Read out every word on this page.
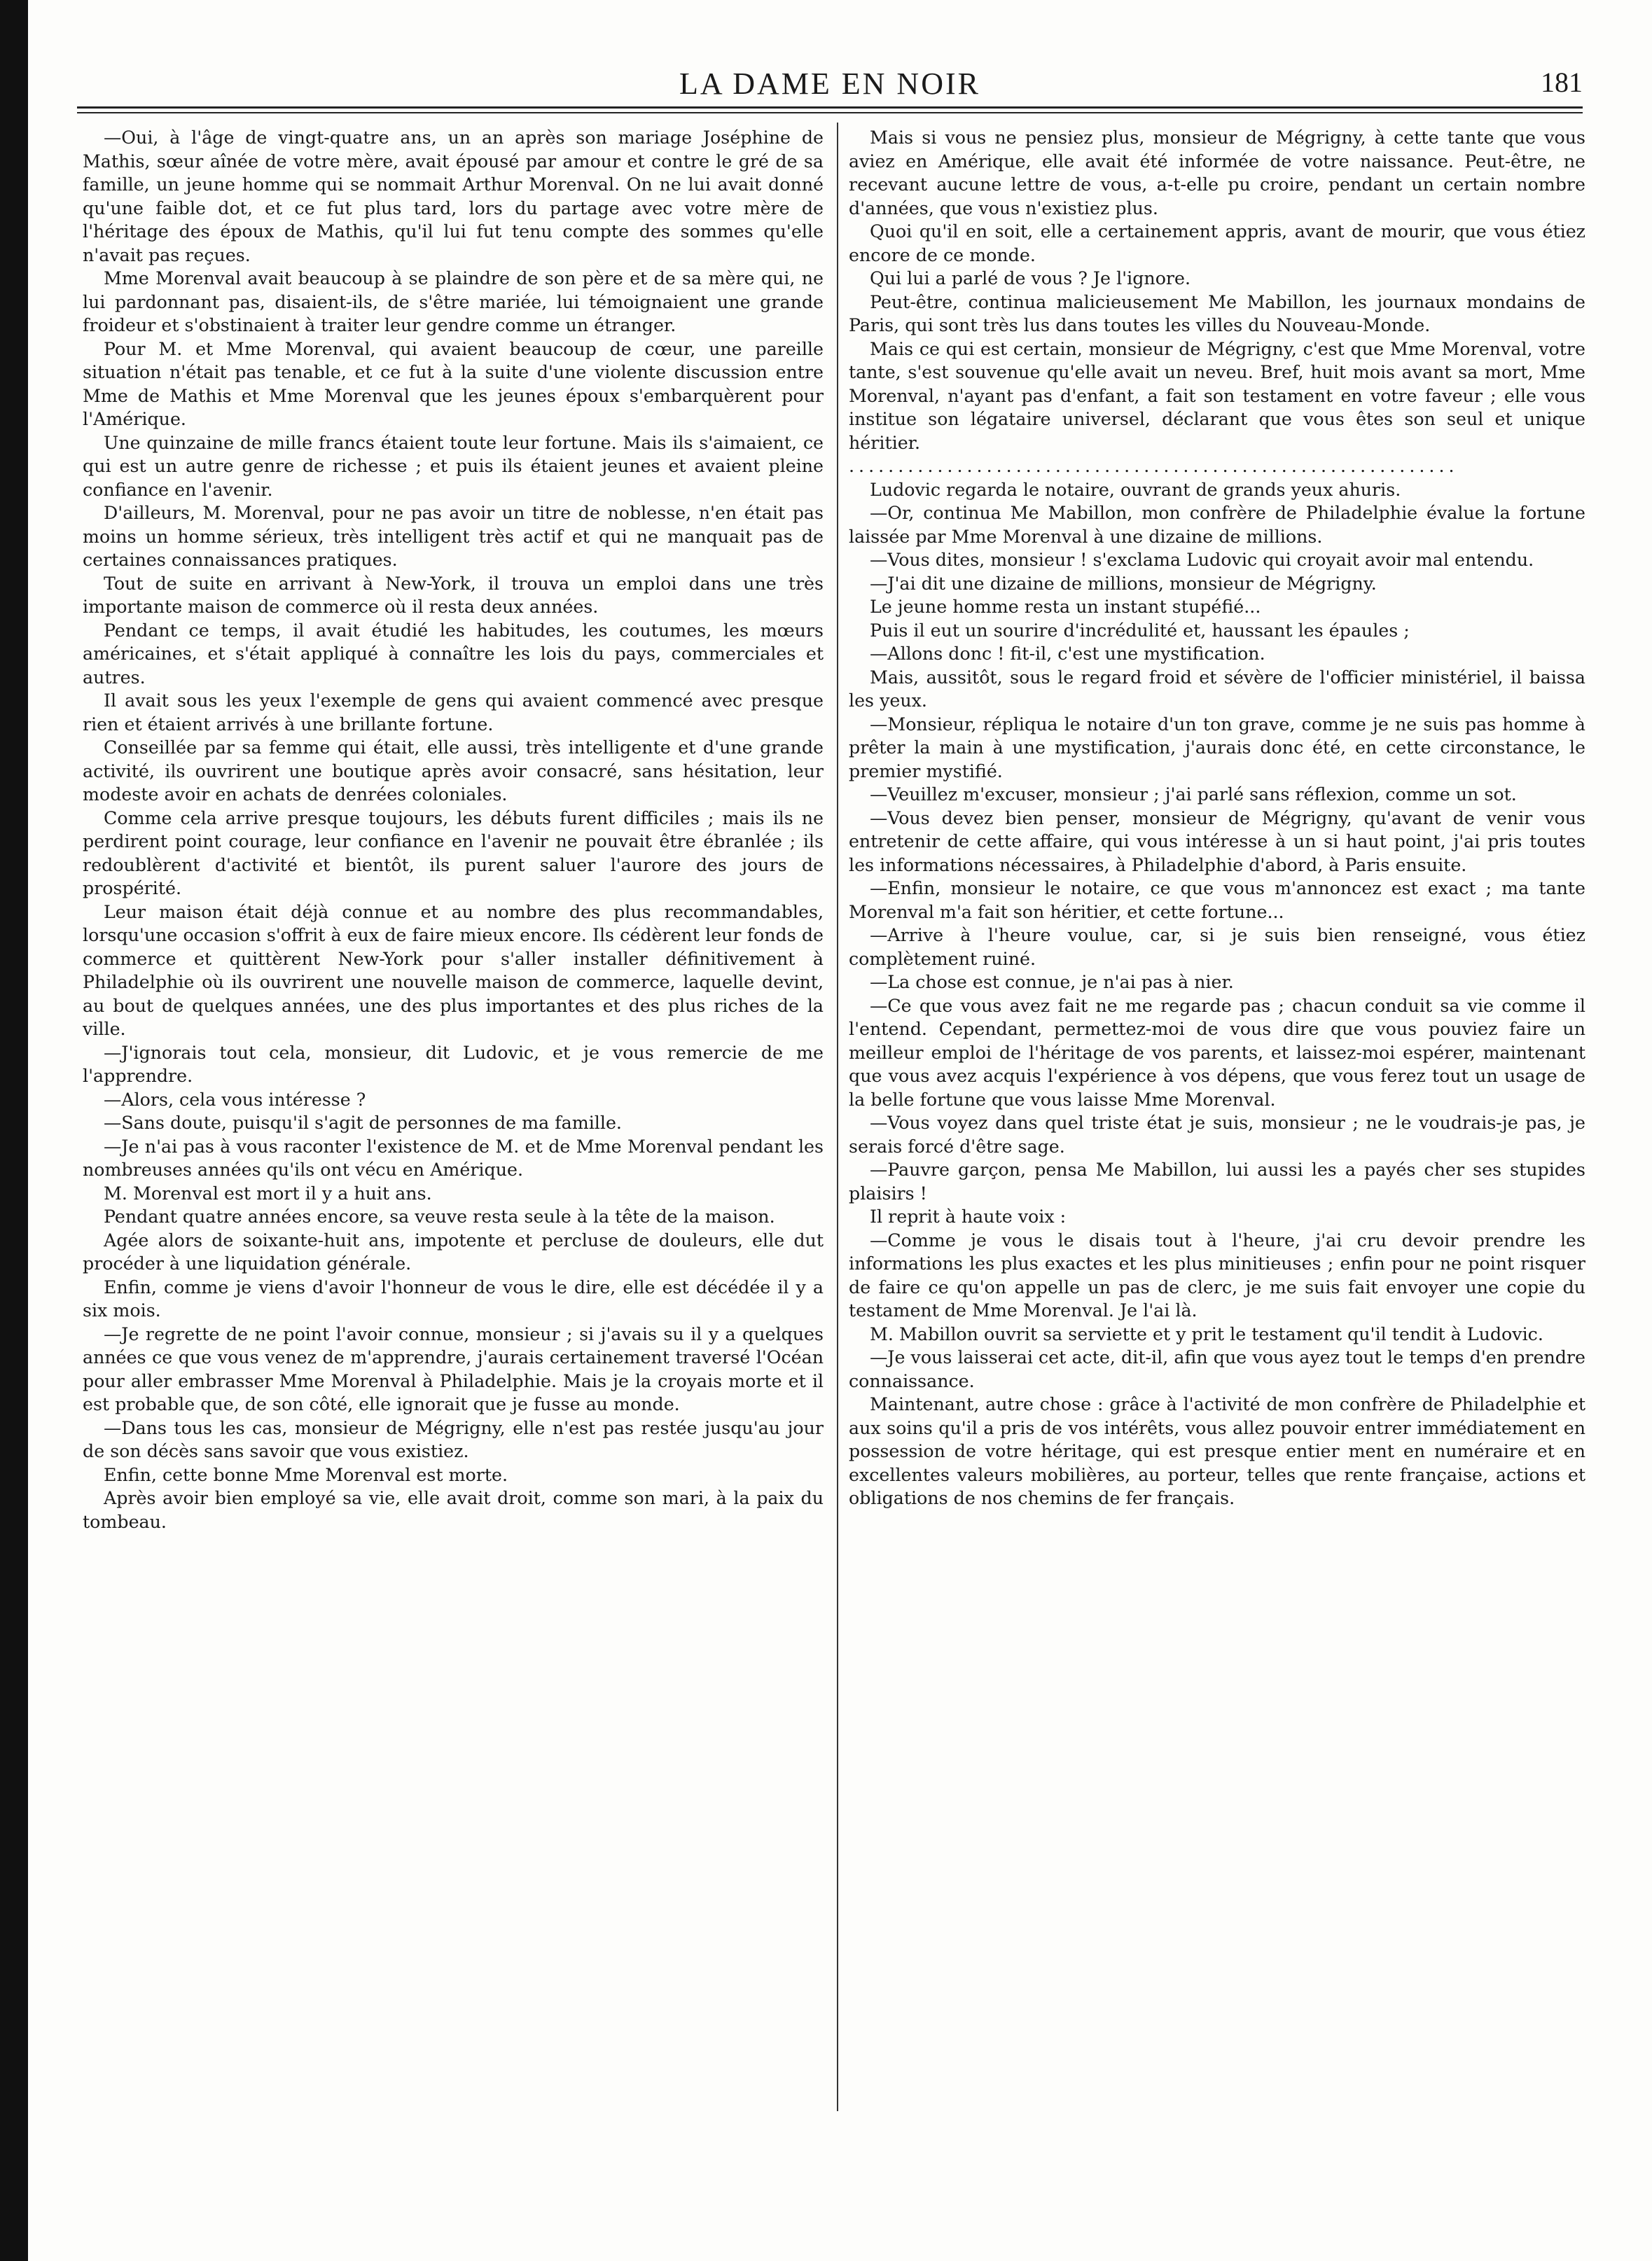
LA DAME EN NOIR	181

—Oui, à l'âge de vingt-quatre ans, un an après son mariage Joséphine de Mathis, sœur aînée de votre mère, avait épousé par amour et contre le gré de sa famille, un jeune homme qui se nommait Arthur Morenval. On ne lui avait donné qu'une faible dot, et ce fut plus tard, lors du partage avec votre mère de l'héritage des époux de Mathis, qu'il lui fut tenu compte des sommes qu'elle n'avait pas reçues.

Mme Morenval avait beaucoup à se plaindre de son père et de sa mère qui, ne lui pardonnant pas, disaient-ils, de s'être mariée, lui témoignaient une grande froideur et s'obstinaient à traiter leur gendre comme un étranger.

Pour M. et Mme Morenval, qui avaient beaucoup de cœur, une pareille situation n'était pas tenable, et ce fut à la suite d'une violente discussion entre Mme de Mathis et Mme Morenval que les jeunes époux s'embarquèrent pour l'Amérique.

Une quinzaine de mille francs étaient toute leur fortune. Mais ils s'aimaient, ce qui est un autre genre de richesse ; et puis ils étaient jeunes et avaient pleine confiance en l'avenir.

D'ailleurs, M. Morenval, pour ne pas avoir un titre de noblesse, n'en était pas moins un homme sérieux, très intelligent très actif et qui ne manquait pas de certaines connaissances pratiques.

Tout de suite en arrivant à New-York, il trouva un emploi dans une très importante maison de commerce où il resta deux années.

Pendant ce temps, il avait étudié les habitudes, les coutumes, les mœurs américaines, et s'était appliqué à connaître les lois du pays, commerciales et autres.

Il avait sous les yeux l'exemple de gens qui avaient commencé avec presque rien et étaient arrivés à une brillante fortune.

Conseillée par sa femme qui était, elle aussi, très intelligente et d'une grande activité, ils ouvrirent une boutique après avoir consacré, sans hésitation, leur modeste avoir en achats de denrées coloniales.

Comme cela arrive presque toujours, les débuts furent difficiles ; mais ils ne perdirent point courage, leur confiance en l'avenir ne pouvait être ébranlée ; ils redoublèrent d'activité et bientôt, ils purent saluer l'aurore des jours de prospérité.

Leur maison était déjà connue et au nombre des plus recommandables, lorsqu'une occasion s'offrit à eux de faire mieux encore. Ils cédèrent leur fonds de commerce et quittèrent New-York pour s'aller installer définitivement à Philadelphie où ils ouvrirent une nouvelle maison de commerce, laquelle devint, au bout de quelques années, une des plus importantes et des plus riches de la ville.

—J'ignorais tout cela, monsieur, dit Ludovic, et je vous remercie de me l'apprendre.

—Alors, cela vous intéresse ?

—Sans doute, puisqu'il s'agit de personnes de ma famille.

—Je n'ai pas à vous raconter l'existence de M. et de Mme Morenval pendant les nombreuses années qu'ils ont vécu en Amérique.

M. Morenval est mort il y a huit ans.

Pendant quatre années encore, sa veuve resta seule à la tête de la maison.

Agée alors de soixante-huit ans, impotente et percluse de douleurs, elle dut procéder à une liquidation générale.

Enfin, comme je viens d'avoir l'honneur de vous le dire, elle est décédée il y a six mois.

—Je regrette de ne point l'avoir connue, monsieur ; si j'avais su il y a quelques années ce que vous venez de m'apprendre, j'aurais certainement traversé l'Océan pour aller embrasser Mme Morenval à Philadelphie. Mais je la croyais morte et il est probable que, de son côté, elle ignorait que je fusse au monde.

—Dans tous les cas, monsieur de Mégrigny, elle n'est pas restée jusqu'au jour de son décès sans savoir que vous existiez.

Enfin, cette bonne Mme Morenval est morte.

Après avoir bien employé sa vie, elle avait droit, comme son mari, à la paix du tombeau.

Mais si vous ne pensiez plus, monsieur de Mégrigny, à cette tante que vous aviez en Amérique, elle avait été informée de votre naissance. Peut-être, ne recevant aucune lettre de vous, a-t-elle pu croire, pendant un certain nombre d'années, que vous n'existiez plus.

Quoi qu'il en soit, elle a certainement appris, avant de mourir, que vous étiez encore de ce monde.

Qui lui a parlé de vous ? Je l'ignore.

Peut-être, continua malicieusement Me Mabillon, les journaux mondains de Paris, qui sont très lus dans toutes les villes du Nouveau-Monde.

Mais ce qui est certain, monsieur de Mégrigny, c'est que Mme Morenval, votre tante, s'est souvenue qu'elle avait un neveu. Bref, huit mois avant sa mort, Mme Morenval, n'ayant pas d'enfant, a fait son testament en votre faveur ; elle vous institue son légataire universel, déclarant que vous êtes son seul et unique héritier.

..............................................................

Ludovic regarda le notaire, ouvrant de grands yeux ahuris.

—Or, continua Me Mabillon, mon confrère de Philadelphie évalue la fortune laissée par Mme Morenval à une dizaine de millions.

—Vous dites, monsieur ! s'exclama Ludovic qui croyait avoir mal entendu.

—J'ai dit une dizaine de millions, monsieur de Mégrigny.

Le jeune homme resta un instant stupéfié...

Puis il eut un sourire d'incrédulité et, haussant les épaules ;

—Allons donc ! fit-il, c'est une mystification.

Mais, aussitôt, sous le regard froid et sévère de l'officier ministériel, il baissa les yeux.

—Monsieur, répliqua le notaire d'un ton grave, comme je ne suis pas homme à prêter la main à une mystification, j'aurais donc été, en cette circonstance, le premier mystifié.

—Veuillez m'excuser, monsieur ; j'ai parlé sans réflexion, comme un sot.

—Vous devez bien penser, monsieur de Mégrigny, qu'avant de venir vous entretenir de cette affaire, qui vous intéresse à un si haut point, j'ai pris toutes les informations nécessaires, à Philadelphie d'abord, à Paris ensuite.

—Enfin, monsieur le notaire, ce que vous m'annoncez est exact ; ma tante Morenval m'a fait son héritier, et cette fortune...

—Arrive à l'heure voulue, car, si je suis bien renseigné, vous étiez complètement ruiné.

—La chose est connue, je n'ai pas à nier.

—Ce que vous avez fait ne me regarde pas ; chacun conduit sa vie comme il l'entend. Cependant, permettez-moi de vous dire que vous pouviez faire un meilleur emploi de l'héritage de vos parents, et laissez-moi espérer, maintenant que vous avez acquis l'expérience à vos dépens, que vous ferez tout un usage de la belle fortune que vous laisse Mme Morenval.

—Vous voyez dans quel triste état je suis, monsieur ; ne le voudrais-je pas, je serais forcé d'être sage.

—Pauvre garçon, pensa Me Mabillon, lui aussi les a payés cher ses stupides plaisirs !

Il reprit à haute voix :

—Comme je vous le disais tout à l'heure, j'ai cru devoir prendre les informations les plus exactes et les plus minitieuses ; enfin pour ne point risquer de faire ce qu'on appelle un pas de clerc, je me suis fait envoyer une copie du testament de Mme Morenval. Je l'ai là.

M. Mabillon ouvrit sa serviette et y prit le testament qu'il tendit à Ludovic.

—Je vous laisserai cet acte, dit-il, afin que vous ayez tout le temps d'en prendre connaissance.

Maintenant, autre chose : grâce à l'activité de mon confrère de Philadelphie et aux soins qu'il a pris de vos intérêts, vous allez pouvoir entrer immédiatement en possession de votre héritage, qui est presque entier ment en numéraire et en excellentes valeurs mobilières, au porteur, telles que rente française, actions et obligations de nos chemins de fer français.
